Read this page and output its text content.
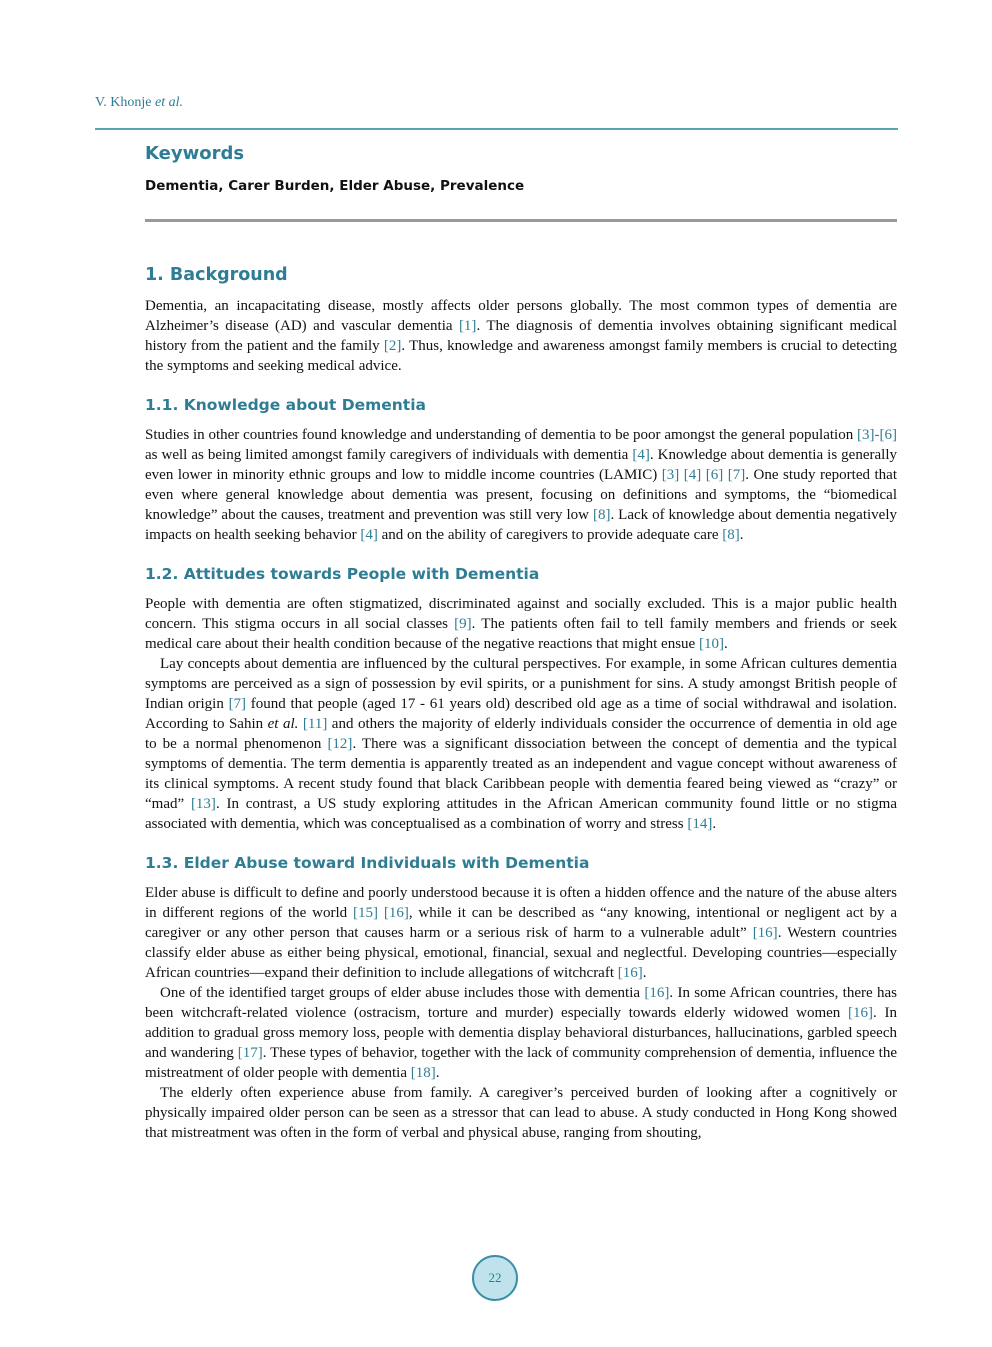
V. Khonje et al.
Keywords
Dementia, Carer Burden, Elder Abuse, Prevalence
1. Background

Dementia, an incapacitating disease, mostly affects older persons globally. The most common types of dementia are Alzheimer’s disease (AD) and vascular dementia [1]. The diagnosis of dementia involves obtaining significant medical history from the patient and the family [2]. Thus, knowledge and awareness amongst family members is crucial to detecting the symptoms and seeking medical advice.

1.1. Knowledge about Dementia

Studies in other countries found knowledge and understanding of dementia to be poor amongst the general population [3]-[6] as well as being limited amongst family caregivers of individuals with dementia [4]. Knowledge about dementia is generally even lower in minority ethnic groups and low to middle income countries (LAMIC) [3] [4] [6] [7]. One study reported that even where general knowledge about dementia was present, focusing on definitions and symptoms, the “biomedical knowledge” about the causes, treatment and prevention was still very low [8]. Lack of knowledge about dementia negatively impacts on health seeking behavior [4] and on the ability of caregivers to provide adequate care [8].

1.2. Attitudes towards People with Dementia

People with dementia are often stigmatized, discriminated against and socially excluded. This is a major public health concern. This stigma occurs in all social classes [9]. The patients often fail to tell family members and friends or seek medical care about their health condition because of the negative reactions that might ensue [10].

Lay concepts about dementia are influenced by the cultural perspectives. For example, in some African cultures dementia symptoms are perceived as a sign of possession by evil spirits, or a punishment for sins. A study amongst British people of Indian origin [7] found that people (aged 17 - 61 years old) described old age as a time of social withdrawal and isolation. According to Sahin et al. [11] and others the majority of elderly individuals consider the occurrence of dementia in old age to be a normal phenomenon [12]. There was a significant dissociation between the concept of dementia and the typical symptoms of dementia. The term dementia is apparently treated as an independent and vague concept without awareness of its clinical symptoms. A recent study found that black Caribbean people with dementia feared being viewed as “crazy” or “mad” [13]. In contrast, a US study exploring attitudes in the African American community found little or no stigma associated with dementia, which was conceptualised as a combination of worry and stress [14].

1.3. Elder Abuse toward Individuals with Dementia

Elder abuse is difficult to define and poorly understood because it is often a hidden offence and the nature of the abuse alters in different regions of the world [15] [16], while it can be described as “any knowing, intentional or negligent act by a caregiver or any other person that causes harm or a serious risk of harm to a vulnerable adult” [16]. Western countries classify elder abuse as either being physical, emotional, financial, sexual and neglectful. Developing countries—especially African countries—expand their definition to include allegations of witchcraft [16].

One of the identified target groups of elder abuse includes those with dementia [16]. In some African countries, there has been witchcraft-related violence (ostracism, torture and murder) especially towards elderly widowed women [16]. In addition to gradual gross memory loss, people with dementia display behavioral disturbances, hallucinations, garbled speech and wandering [17]. These types of behavior, together with the lack of community comprehension of dementia, influence the mistreatment of older people with dementia [18].

The elderly often experience abuse from family. A caregiver’s perceived burden of looking after a cognitively or physically impaired older person can be seen as a stressor that can lead to abuse. A study conducted in Hong Kong showed that mistreatment was often in the form of verbal and physical abuse, ranging from shouting,

22
